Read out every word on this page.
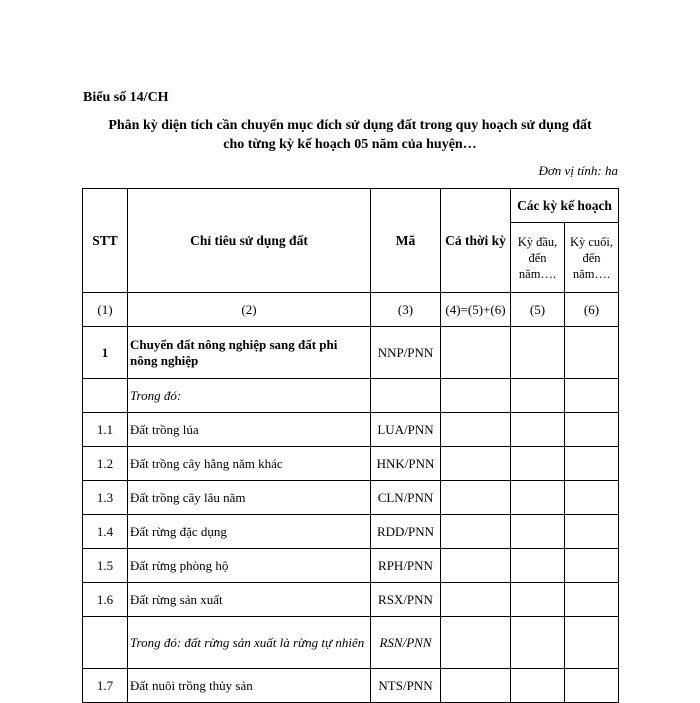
Biểu số 14/CH
Phân kỳ diện tích cần chuyển mục đích sử dụng đất trong quy hoạch sử dụng đất
cho từng kỳ kế hoạch 05 năm của huyện…
Đơn vị tính: ha
STT	Chỉ tiêu sử dụng đất	Mã	Cả thời kỳ	Các kỳ kế hoạch	
				Kỳ đầu, đến năm….	Kỳ cuối, đến năm….
(1)	(2)	(3)	(4)=(5)+(6)	(5)	(6)
1	Chuyển đất nông nghiệp sang đất phi nông nghiệp	NNP/PNN			
	Trong đó:				
1.1	Đất trồng lúa	LUA/PNN			
1.2	Đất trồng cây hằng năm khác	HNK/PNN			
1.3	Đất trồng cây lâu năm	CLN/PNN			
1.4	Đất rừng đặc dụng	RDD/PNN			
1.5	Đất rừng phòng hộ	RPH/PNN			
1.6	Đất rừng sản xuất	RSX/PNN			
	Trong đó: đất rừng sản xuất là rừng tự nhiên	RSN/PNN			
1.7	Đất nuôi trồng thủy sản	NTS/PNN			
